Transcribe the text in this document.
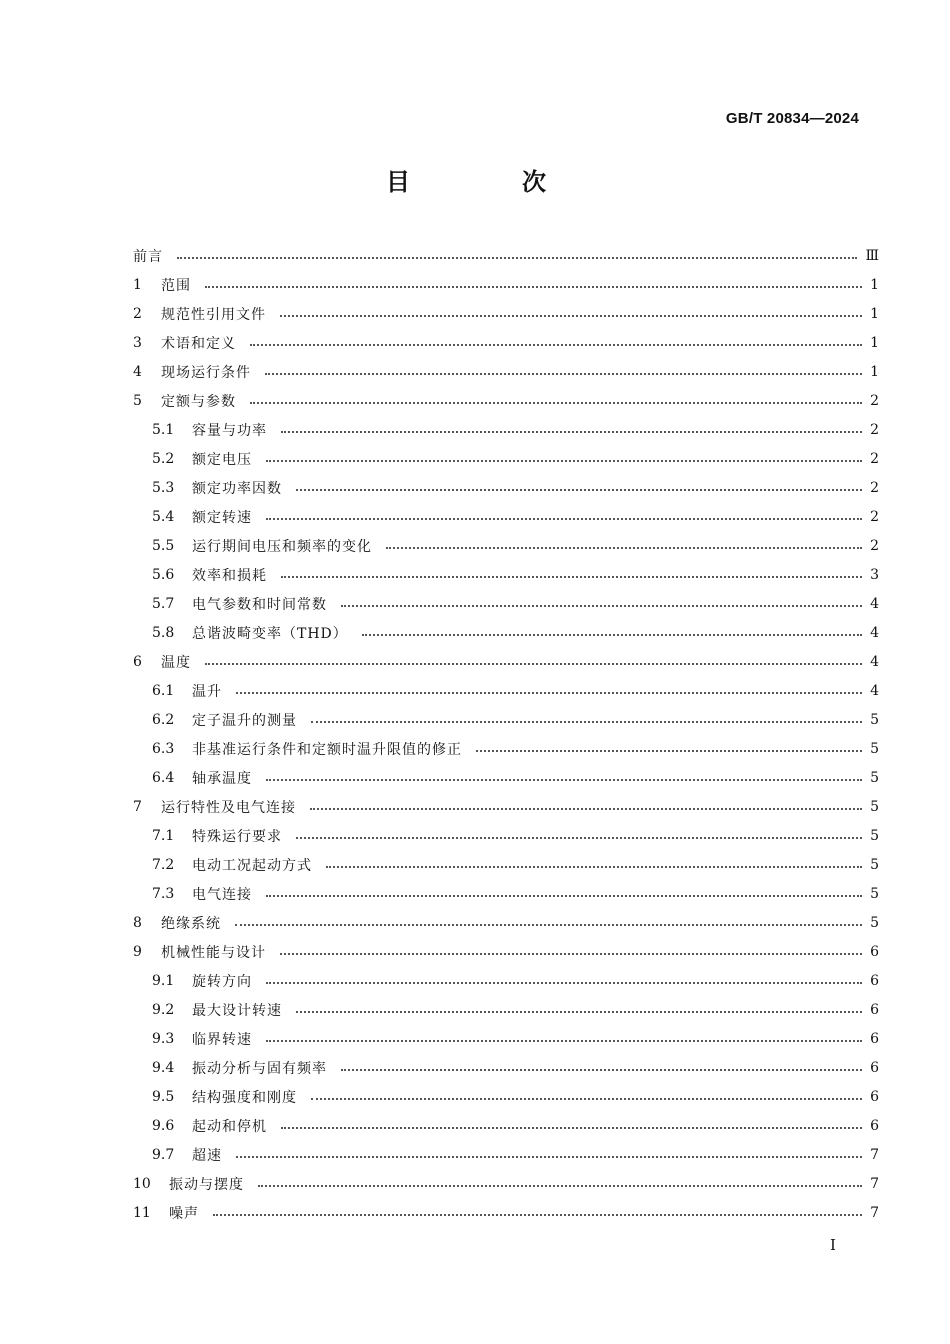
GB/T 20834—2024
目　次
前言	Ⅲ
1	范围	1
2	规范性引用文件	1
3	术语和定义	1
4	现场运行条件	1
5	定额与参数	2
5.1	容量与功率	2
5.2	额定电压	2
5.3	额定功率因数	2
5.4	额定转速	2
5.5	运行期间电压和频率的变化	2
5.6	效率和损耗	3
5.7	电气参数和时间常数	4
5.8	总谐波畸变率（THD）	4
6	温度	4
6.1	温升	4
6.2	定子温升的测量	5
6.3	非基准运行条件和定额时温升限值的修正	5
6.4	轴承温度	5
7	运行特性及电气连接	5
7.1	特殊运行要求	5
7.2	电动工况起动方式	5
7.3	电气连接	5
8	绝缘系统	5
9	机械性能与设计	6
9.1	旋转方向	6
9.2	最大设计转速	6
9.3	临界转速	6
9.4	振动分析与固有频率	6
9.5	结构强度和刚度	6
9.6	起动和停机	6
9.7	超速	7
10	振动与摆度	7
11	噪声	7
Ⅰ
